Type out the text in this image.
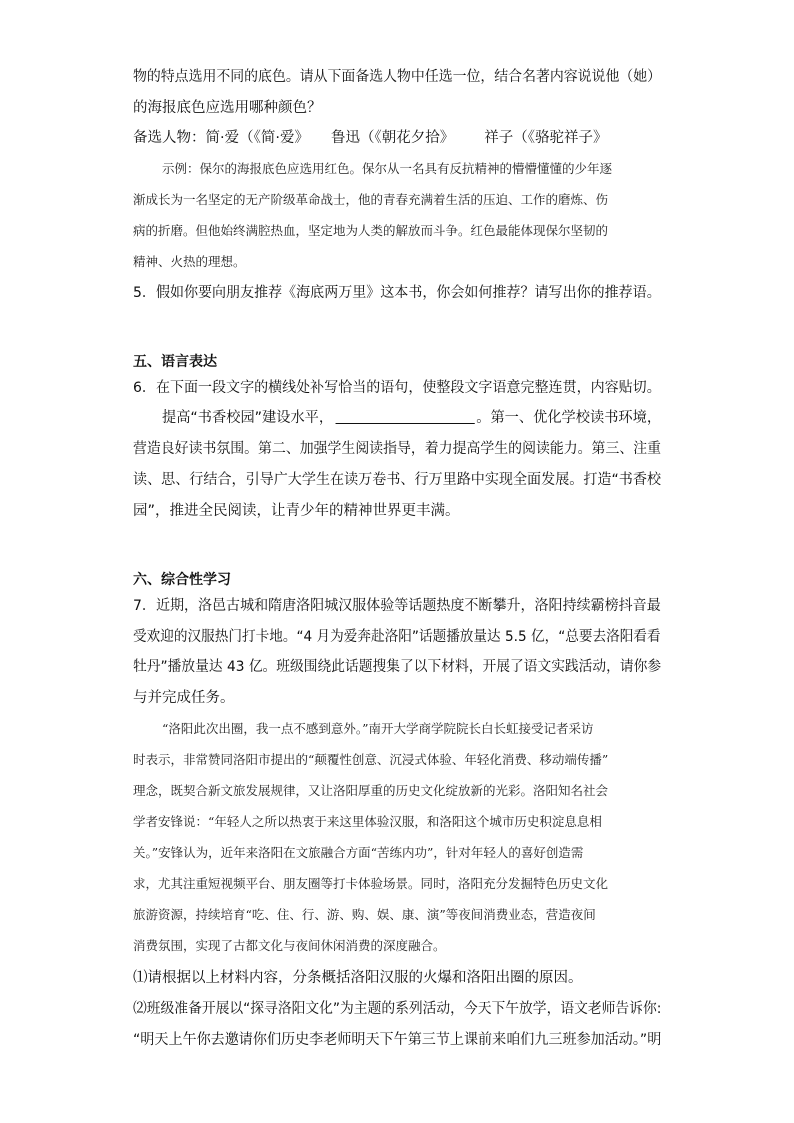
物的特点选用不同的底色。请从下面备选人物中任选一位，结合名著内容说说他（她）
的海报底色应选用哪种颜色？
备选人物：简·爱（《简·爱》 鲁迅（《朝花夕拾》 祥子（《骆驼祥子》
示例：保尔的海报底色应选用红色。保尔从一名具有反抗精神的懵懵懂懂的少年逐
渐成长为一名坚定的无产阶级革命战士，他的青春充满着生活的压迫、工作的磨炼、伤
病的折磨。但他始终满腔热血，坚定地为人类的解放而斗争。红色最能体现保尔坚韧的
精神、火热的理想。
5．假如你要向朋友推荐《海底两万里》这本书，你会如何推荐？请写出你的推荐语。
五、语言表达
6．在下面一段文字的横线处补写恰当的语句，使整段文字语意完整连贯，内容贴切。
提高“书香校园”建设水平，	。第一、优化学校读书环境，
营造良好读书氛围。第二、加强学生阅读指导，着力提高学生的阅读能力。第三、注重
读、思、行结合，引导广大学生在读万卷书、行万里路中实现全面发展。打造“书香校
园”，推进全民阅读，让青少年的精神世界更丰满。
六、综合性学习
7．近期，洛邑古城和隋唐洛阳城汉服体验等话题热度不断攀升，洛阳持续霸榜抖音最
受欢迎的汉服热门打卡地。“4 月为爱奔赴洛阳”话题播放量达 5.5 亿，“总要去洛阳看看
牡丹”播放量达 43 亿。班级围绕此话题搜集了以下材料，开展了语文实践活动，请你参
与并完成任务。
“洛阳此次出圈，我一点不感到意外。”南开大学商学院院长白长虹接受记者采访
时表示，非常赞同洛阳市提出的“颠覆性创意、沉浸式体验、年轻化消费、移动端传播”
理念，既契合新文旅发展规律，又让洛阳厚重的历史文化绽放新的光彩。洛阳知名社会
学者安锋说：“年轻人之所以热衷于来这里体验汉服，和洛阳这个城市历史积淀息息相
关。”安锋认为，近年来洛阳在文旅融合方面“苦练内功”，针对年轻人的喜好创造需
求，尤其注重短视频平台、朋友圈等打卡体验场景。同时，洛阳充分发掘特色历史文化
旅游资源，持续培育“吃、住、行、游、购、娱、康、演”等夜间消费业态，营造夜间
消费氛围，实现了古都文化与夜间休闲消费的深度融合。
⑴请根据以上材料内容，分条概括洛阳汉服的火爆和洛阳出圈的原因。
⑵班级准备开展以“探寻洛阳文化”为主题的系列活动，今天下午放学，语文老师告诉你:
“明天上午你去邀请你们历史李老师明天下午第三节上课前来咱们九三班参加活动。”明
